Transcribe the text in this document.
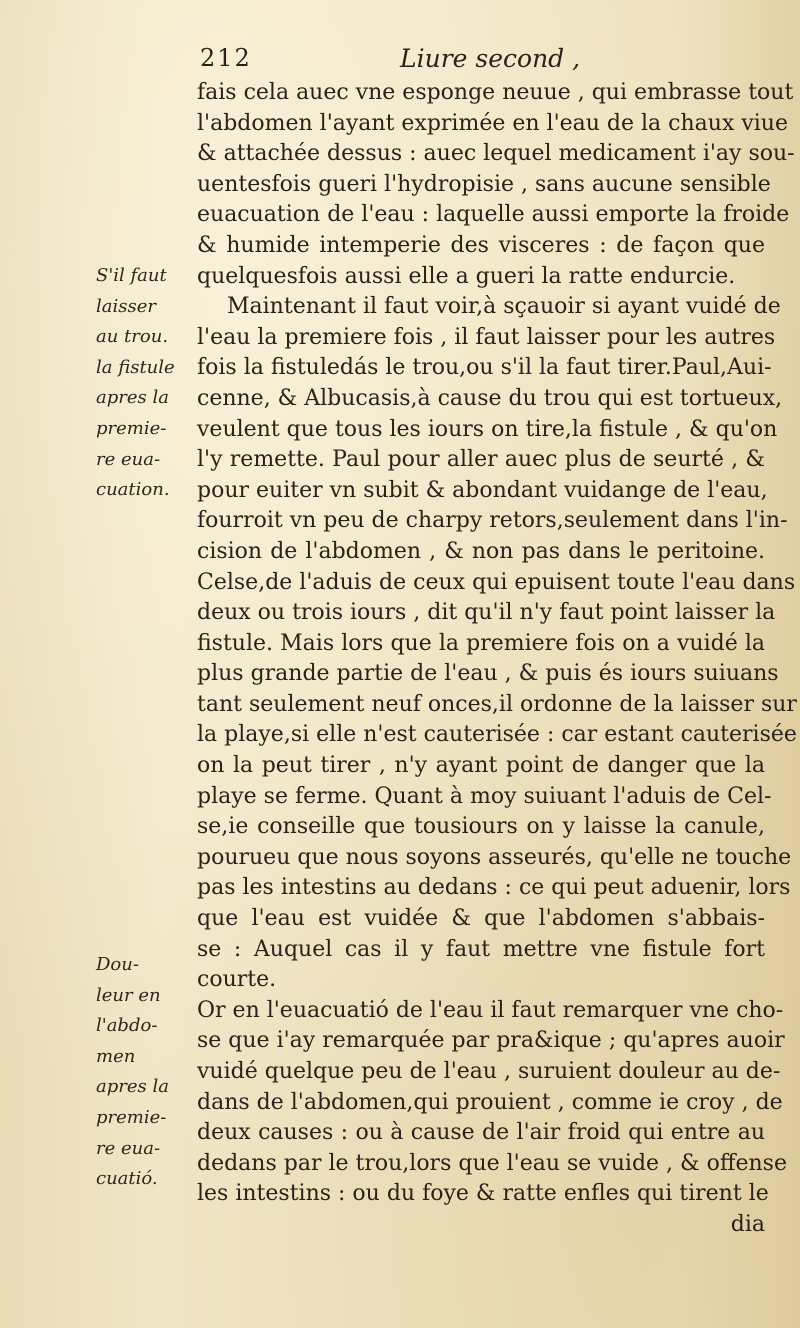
212	Liure second ,
S'il faut
laisser
au trou.
la fistule
apres la
premie-
re eua-
cuation.
Dou-
leur en
l'abdo-
men
apres la
premie-
re eua-
cuatió.
fais cela auec vne esponge neuue , qui embrasse tout
l'abdomen l'ayant exprimée en l'eau de la chaux viue
& attachée dessus : auec lequel medicament i'ay sou-
uentesfois gueri l'hydropisie , sans aucune sensible
euacuation de l'eau : laquelle aussi emporte la froide
& humide intemperie des visceres : de façon que
quelquesfois aussi elle a gueri la ratte endurcie.
Maintenant il faut voir,à sçauoir si ayant vuidé de
l'eau la premiere fois , il faut laisser pour les autres
fois la fistuledás le trou,ou s'il la faut tirer.Paul,Aui-
cenne, & Albucasis,à cause du trou qui est tortueux,
veulent que tous les iours on tire,la fistule , & qu'on
l'y remette. Paul pour aller auec plus de seurté , &
pour euiter vn subit & abondant vuidange de l'eau,
fourroit vn peu de charpy retors,seulement dans l'in-
cision de l'abdomen , & non pas dans le peritoine.
Celse,de l'aduis de ceux qui epuisent toute l'eau dans
deux ou trois iours , dit qu'il n'y faut point laisser la
fistule. Mais lors que la premiere fois on a vuidé la
plus grande partie de l'eau , & puis és iours suiuans
tant seulement neuf onces,il ordonne de la laisser sur
la playe,si elle n'est cauterisée : car estant cauterisée
on la peut tirer , n'y ayant point de danger que la
playe se ferme. Quant à moy suiuant l'aduis de Cel-
se,ie conseille que tousiours on y laisse la canule,
pourueu que nous soyons asseurés, qu'elle ne touche
pas les intestins au dedans : ce qui peut aduenir, lors
que l'eau est vuidée & que l'abdomen s'abbais-
se : Auquel cas il y faut mettre vne fistule fort
courte.
Or en l'euacuatió de l'eau il faut remarquer vne cho-
se que i'ay remarquée par pra&ique ; qu'apres auoir
vuidé quelque peu de l'eau , suruient douleur au de-
dans de l'abdomen,qui prouient , comme ie croy , de
deux causes : ou à cause de l'air froid qui entre au
dedans par le trou,lors que l'eau se vuide , & offense
les intestins : ou du foye & ratte enfles qui tirent le
dia
